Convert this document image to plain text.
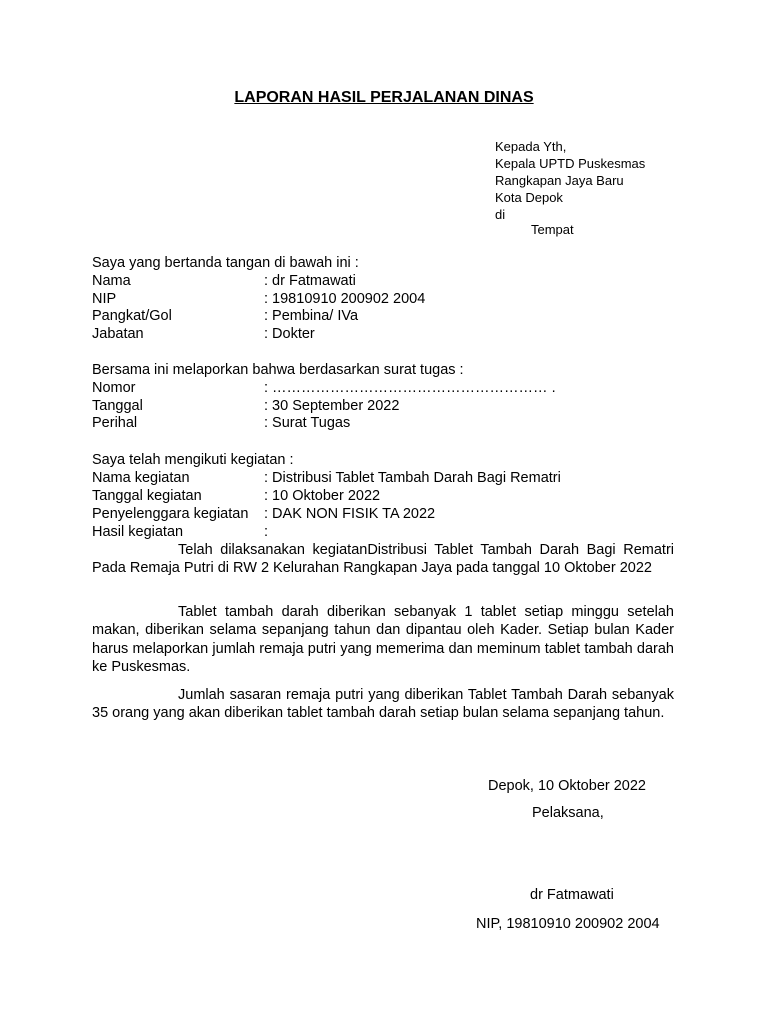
LAPORAN HASIL PERJALANAN DINAS
Kepada Yth,
Kepala UPTD Puskesmas
Rangkapan Jaya Baru
Kota Depok
di
Tempat
Saya yang bertanda tangan di bawah ini :
Nama	: dr Fatmawati
NIP	: 19810910 200902 2004
Pangkat/Gol	: Pembina/ IVa
Jabatan	: Dokter
Bersama ini melaporkan bahwa berdasarkan surat tugas :
Nomor	: ………………………………………………… .
Tanggal	: 30 September 2022
Perihal	: Surat Tugas
Saya telah mengikuti kegiatan :
Nama kegiatan	: Distribusi Tablet Tambah Darah Bagi Rematri
Tanggal kegiatan	: 10 Oktober 2022
Penyelenggara kegiatan : DAK NON FISIK TA 2022
Hasil kegiatan	:
Telah dilaksanakan kegiatanDistribusi Tablet Tambah Darah Bagi Rematri Pada Remaja Putri di RW 2 Kelurahan Rangkapan Jaya pada tanggal 10 Oktober 2022
Tablet tambah darah diberikan sebanyak 1 tablet setiap minggu setelah makan, diberikan selama sepanjang tahun dan dipantau oleh Kader. Setiap bulan Kader harus melaporkan jumlah remaja putri yang memerima dan meminum tablet tambah darah ke Puskesmas.
Jumlah sasaran remaja putri yang diberikan Tablet Tambah Darah sebanyak 35 orang yang akan diberikan tablet tambah darah setiap bulan selama sepanjang tahun.
Depok, 10 Oktober 2022
Pelaksana,
dr Fatmawati
NIP, 19810910 200902 2004
